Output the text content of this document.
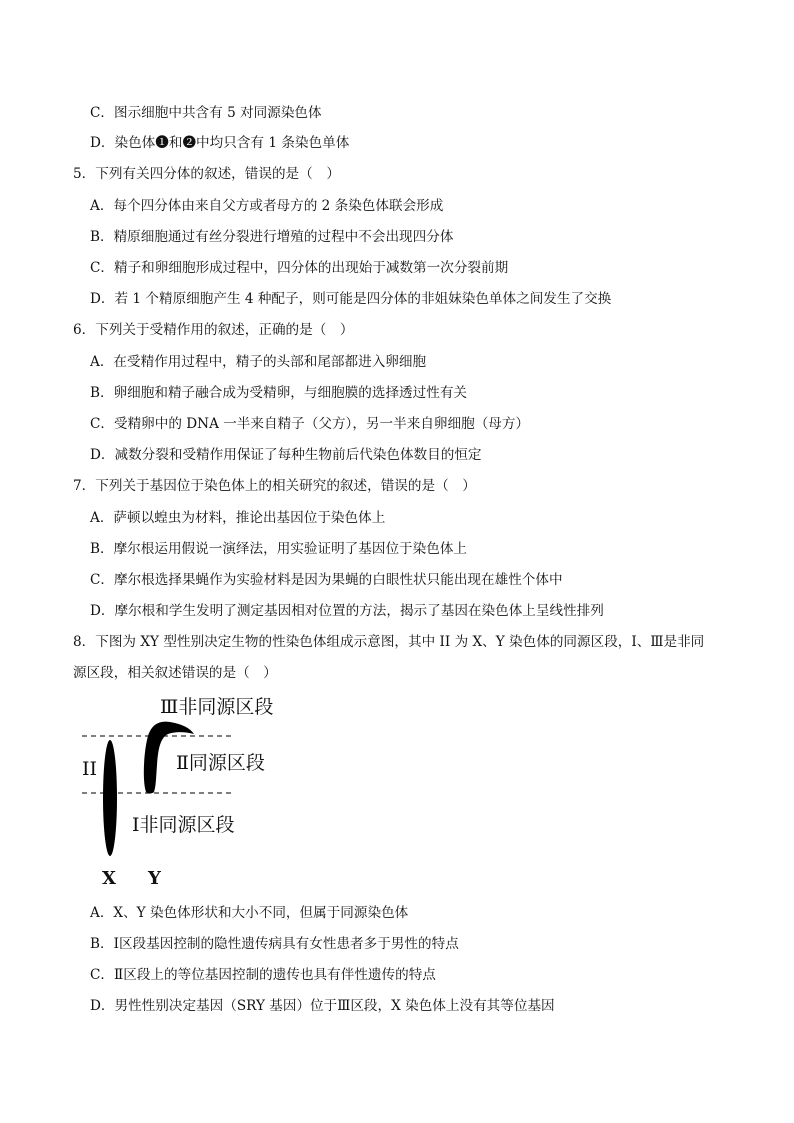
C．图示细胞中共含有 5 对同源染色体
D．染色体❶和❷中均只含有 1 条染色单体
5．下列有关四分体的叙述，错误的是（　）
A．每个四分体由来自父方或者母方的 2 条染色体联会形成
B．精原细胞通过有丝分裂进行增殖的过程中不会出现四分体
C．精子和卵细胞形成过程中，四分体的出现始于减数第一次分裂前期
D．若 1 个精原细胞产生 4 种配子，则可能是四分体的非姐妹染色单体之间发生了交换
6．下列关于受精作用的叙述，正确的是（　）
A．在受精作用过程中，精子的头部和尾部都进入卵细胞
B．卵细胞和精子融合成为受精卵，与细胞膜的选择透过性有关
C．受精卵中的 DNA 一半来自精子（父方），另一半来自卵细胞（母方）
D．减数分裂和受精作用保证了每种生物前后代染色体数目的恒定
7．下列关于基因位于染色体上的相关研究的叙述，错误的是（　）
A．萨顿以蝗虫为材料，推论出基因位于染色体上
B．摩尔根运用假说一演绎法，用实验证明了基因位于染色体上
C．摩尔根选择果蝇作为实验材料是因为果蝇的白眼性状只能出现在雄性个体中
D．摩尔根和学生发明了测定基因相对位置的方法，揭示了基因在染色体上呈线性排列
8．下图为 XY 型性别决定生物的性染色体组成示意图，其中 II 为 X、Y 染色体的同源区段，Ⅰ、Ⅲ是非同
源区段，相关叙述错误的是（　）
Ⅲ非同源区段
II	Ⅱ同源区段
Ⅰ非同源区段
X Y
A．X、Y 染色体形状和大小不同，但属于同源染色体
B．Ⅰ区段基因控制的隐性遗传病具有女性患者多于男性的特点
C．Ⅱ区段上的等位基因控制的遗传也具有伴性遗传的特点
D．男性性别决定基因（SRY 基因）位于Ⅲ区段，X 染色体上没有其等位基因
